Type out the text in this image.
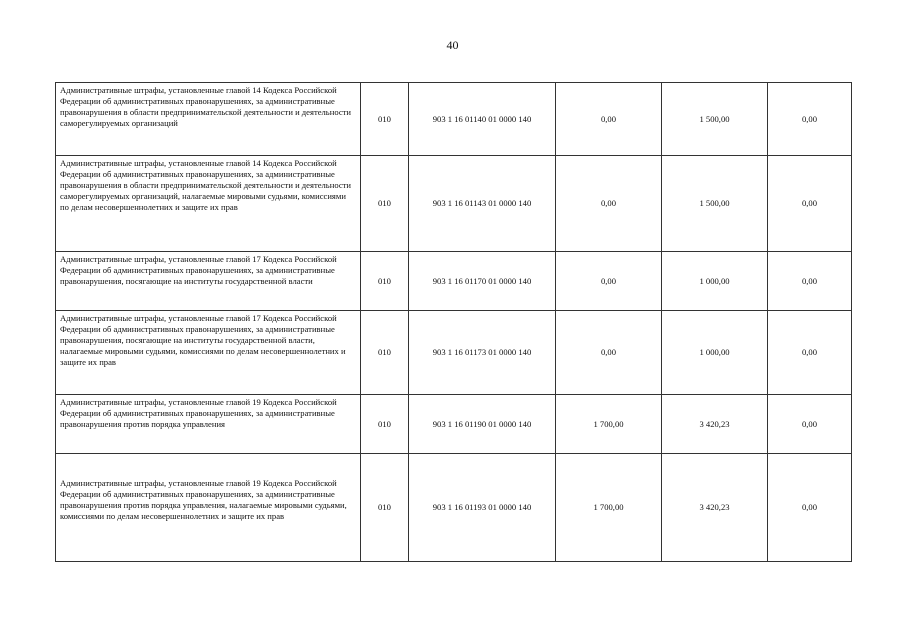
40
Административные штрафы, установленные главой 14 Кодекса Российской Федерации об административных правонарушениях, за административные правонарушения в области предпринимательской деятельности и деятельности саморегулируемых организаций	010	903 1 16 01140 01 0000 140	0,00	1 500,00	0,00
Административные штрафы, установленные главой 14 Кодекса Российской Федерации об административных правонарушениях, за административные правонарушения в области предпринимательской деятельности и деятельности саморегулируемых организаций, налагаемые мировыми судьями, комиссиями по делам несовершеннолетних и защите их прав	010	903 1 16 01143 01 0000 140	0,00	1 500,00	0,00
Административные штрафы, установленные главой 17 Кодекса Российской Федерации об административных правонарушениях, за административные правонарушения, посягающие на институты государственной власти	010	903 1 16 01170 01 0000 140	0,00	1 000,00	0,00
Административные штрафы, установленные главой 17 Кодекса Российской Федерации об административных правонарушениях, за административные правонарушения, посягающие на институты государственной власти, налагаемые мировыми судьями, комиссиями по делам несовершеннолетних и защите их прав	010	903 1 16 01173 01 0000 140	0,00	1 000,00	0,00
Административные штрафы, установленные главой 19 Кодекса Российской Федерации об административных правонарушениях, за административные правонарушения против порядка управления	010	903 1 16 01190 01 0000 140	1 700,00	3 420,23	0,00
Административные штрафы, установленные главой 19 Кодекса Российской Федерации об административных правонарушениях, за административные правонарушения против порядка управления, налагаемые мировыми судьями, комиссиями по делам несовершеннолетних и защите их прав	010	903 1 16 01193 01 0000 140	1 700,00	3 420,23	0,00
